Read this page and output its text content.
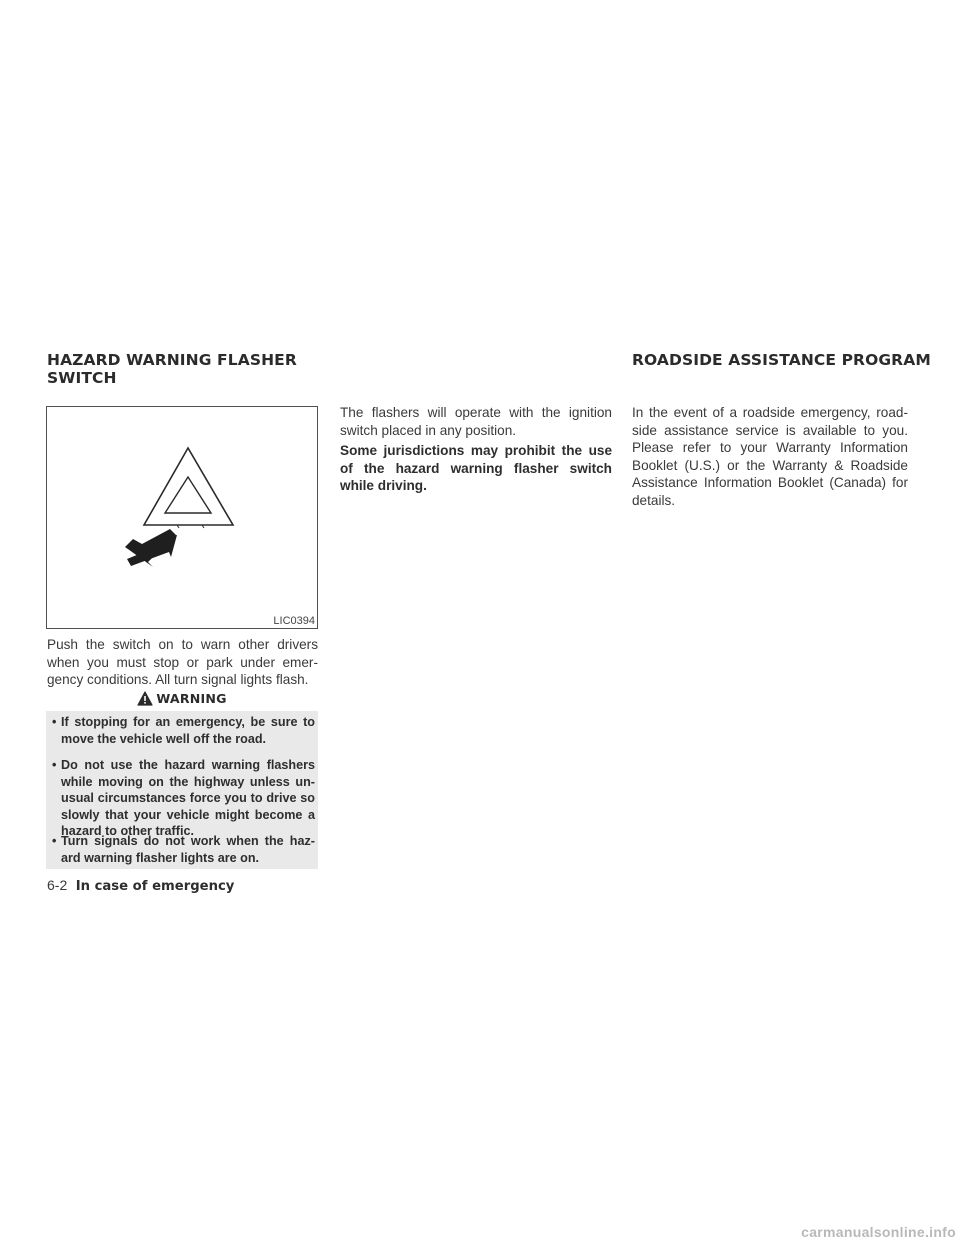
HAZARD WARNING FLASHER SWITCH
ROADSIDE ASSISTANCE PROGRAM
LIC0394

Push the switch on to warn other drivers when you must stop or park under emer-gency conditions. All turn signal lights flash.

WARNING
• If stopping for an emergency, be sure to move the vehicle well off the road.
• Do not use the hazard warning flashers while moving on the highway unless un-usual circumstances force you to drive so slowly that your vehicle might become a hazard to other traffic.
• Turn signals do not work when the haz-ard warning flasher lights are on.

The flashers will operate with the ignition switch placed in any position.

Some jurisdictions may prohibit the use of the hazard warning flasher switch while driving.

In the event of a roadside emergency, road-side assistance service is available to you. Please refer to your Warranty Information Booklet (U.S.) or the Warranty & Roadside Assistance Information Booklet (Canada) for details.

6-2 In case of emergency
carmanualsonline.info
